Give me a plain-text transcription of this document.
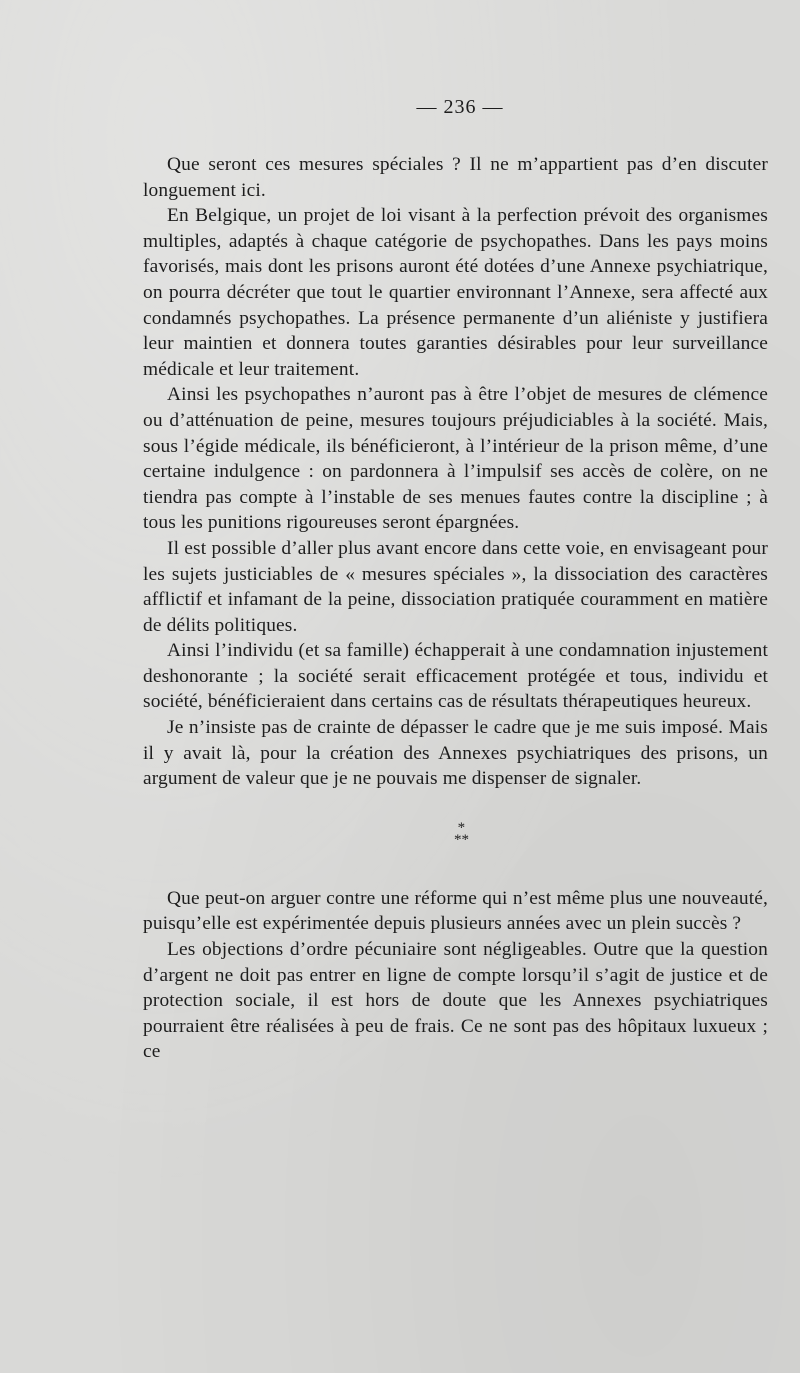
— 236 —

Que seront ces mesures spéciales ? Il ne m’appartient pas d’en discuter longuement ici.

En Belgique, un projet de loi visant à la perfection prévoit des organismes multiples, adaptés à chaque catégorie de psychopathes. Dans les pays moins favorisés, mais dont les prisons auront été dotées d’une Annexe psychiatrique, on pourra décréter que tout le quartier environnant l’Annexe, sera affecté aux condamnés psychopathes. La présence permanente d’un aliéniste y justifiera leur maintien et donnera toutes garanties désirables pour leur surveillance médicale et leur traitement.

Ainsi les psychopathes n’auront pas à être l’objet de mesures de clémence ou d’atténuation de peine, mesures toujours préjudiciables à la société. Mais, sous l’égide médicale, ils bénéficieront, à l’intérieur de la prison même, d’une certaine indulgence : on pardonnera à l’impulsif ses accès de colère, on ne tiendra pas compte à l’instable de ses menues fautes contre la discipline ; à tous les punitions rigoureuses seront épargnées.

Il est possible d’aller plus avant encore dans cette voie, en envisageant pour les sujets justiciables de « mesures spéciales », la dissociation des caractères afflictif et infamant de la peine, dissociation pratiquée couramment en matière de délits politiques.

Ainsi l’individu (et sa famille) échapperait à une condamnation injustement deshonorante ; la société serait efficacement protégée et tous, individu et société, bénéficieraient dans certains cas de résultats thérapeutiques heureux.

Je n’insiste pas de crainte de dépasser le cadre que je me suis imposé. Mais il y avait là, pour la création des Annexes psychiatriques des prisons, un argument de valeur que je ne pouvais me dispenser de signaler.

*
**

Que peut-on arguer contre une réforme qui n’est même plus une nouveauté, puisqu’elle est expérimentée depuis plusieurs années avec un plein succès ?

Les objections d’ordre pécuniaire sont négligeables. Outre que la question d’argent ne doit pas entrer en ligne de compte lorsqu’il s’agit de justice et de protection sociale, il est hors de doute que les Annexes psychiatriques pourraient être réalisées à peu de frais. Ce ne sont pas des hôpitaux luxueux ; ce
